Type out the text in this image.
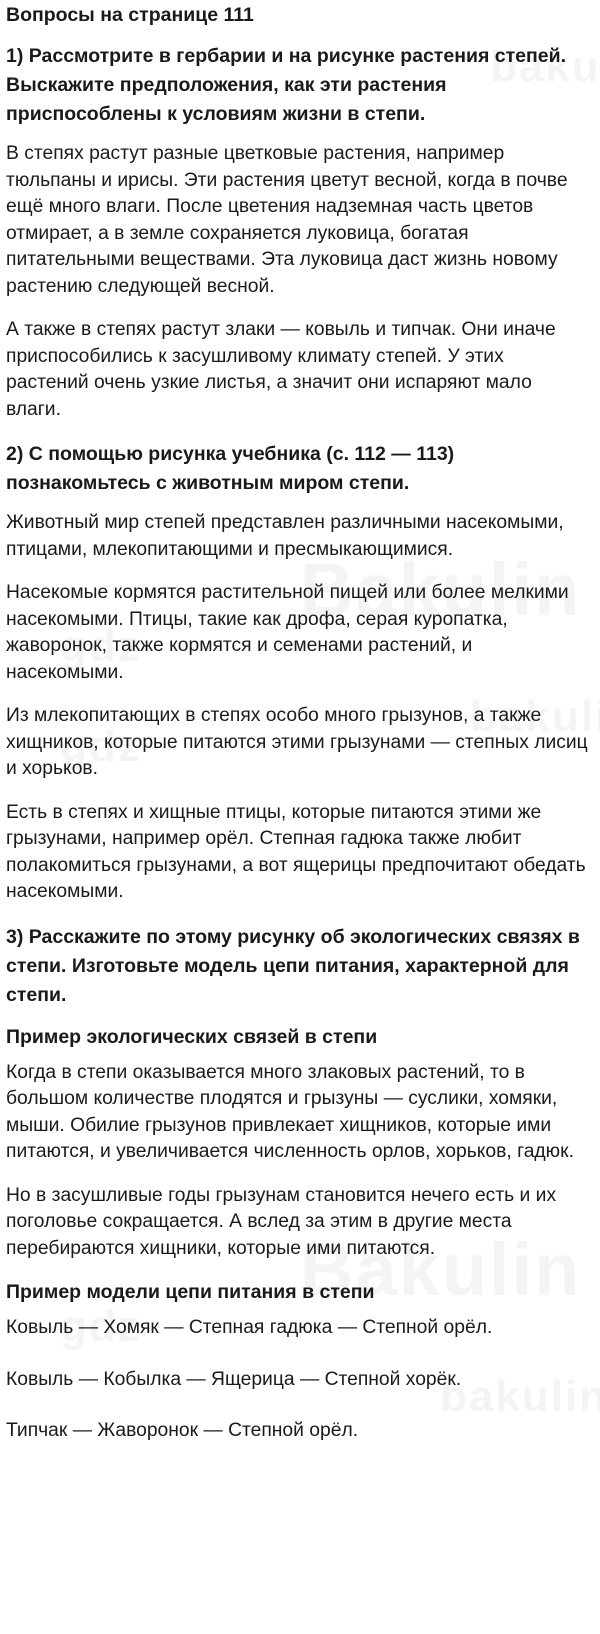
Вопросы на странице 111
1) Рассмотрите в гербарии и на рисунке растения степей. Выскажите предположения, как эти растения приспособлены к условиям жизни в степи.

В степях растут разные цветковые растения, например тюльпаны и ирисы. Эти растения цветут весной, когда в почве ещё много влаги. После цветения надземная часть цветов отмирает, а в земле сохраняется луковица, богатая питательными веществами. Эта луковица даст жизнь новому растению следующей весной.

А также в степях растут злаки — ковыль и типчак. Они иначе приспособились к засушливому климату степей. У этих растений очень узкие листья, а значит они испаряют мало влаги.

2) С помощью рисунка учебника (с. 112 — 113) познакомьтесь с животным миром степи.

Животный мир степей представлен различными насекомыми, птицами, млекопитающими и пресмыкающимися.

Насекомые кормятся растительной пищей или более мелкими насекомыми. Птицы, такие как дрофа, серая куропатка, жаворонок, также кормятся и семенами растений, и насекомыми.

Из млекопитающих в степях особо много грызунов, а также хищников, которые питаются этими грызунами — степных лисиц и хорьков.

Есть в степях и хищные птицы, которые питаются этими же грызунами, например орёл. Степная гадюка также любит полакомиться грызунами, а вот ящерицы предпочитают обедать насекомыми.

3) Расскажите по этому рисунку об экологических связях в степи. Изготовьте модель цепи питания, характерной для степи.
Пример экологических связей в степи

Когда в степи оказывается много злаковых растений, то в большом количестве плодятся и грызуны — суслики, хомяки, мыши. Обилие грызунов привлекает хищников, которые ими питаются, и увеличивается численность орлов, хорьков, гадюк.

Но в засушливые годы грызунам становится нечего есть и их поголовье сокращается. А вслед за этим в другие места перебираются хищники, которые ими питаются.

Пример модели цепи питания в степи

Ковыль — Хомяк — Степная гадюка — Степной орёл.

Ковыль — Кобылка — Ящерица — Степной хорёк.

Типчак — Жаворонок — Степной орёл.
